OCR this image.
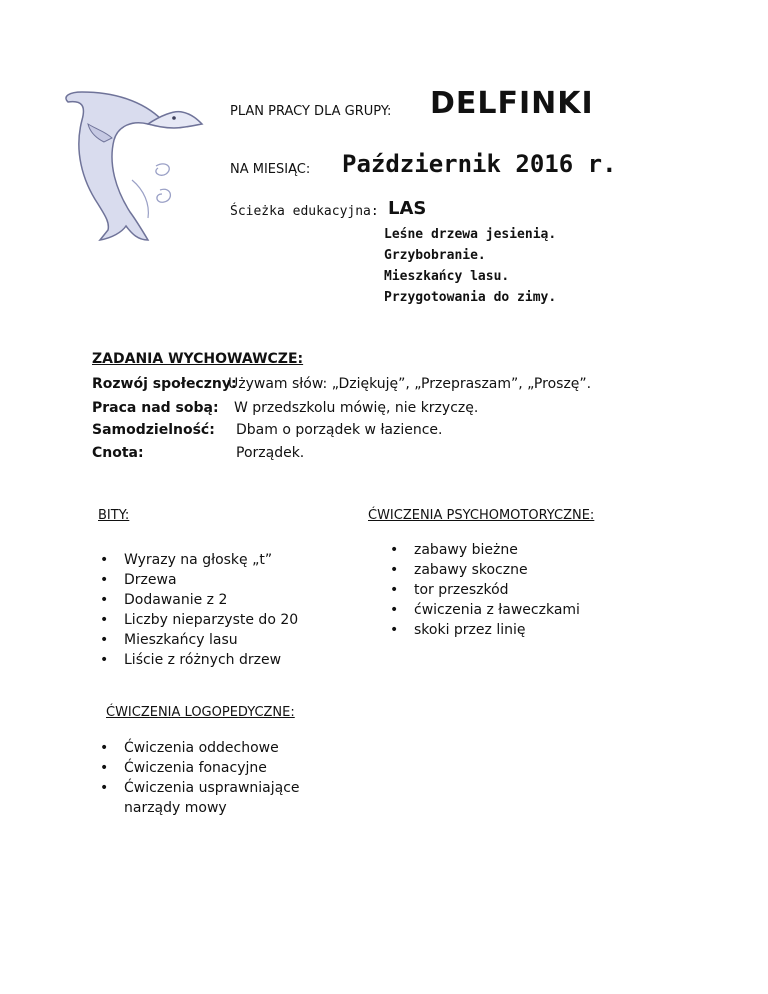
PLAN PRACY DLA GRUPY: DELFINKI
NA MIESIĄC: Październik 2016 r.
Ścieżka edukacyjna: LAS
Leśne drzewa jesienią.
Grzybobranie.
Mieszkańcy lasu.
Przygotowania do zimy.
ZADANIA WYCHOWAWCZE:
Rozwój społeczny:
Używam słów: „Dziękuję”, „Przepraszam”, „Proszę”.
Praca nad sobą: W przedszkolu mówię, nie krzyczę.
Samodzielność: Dbam o porządek w łazience.
Cnota:	Porządek.
BITY:
• Wyrazy na głoskę „t”
• Drzewa
• Dodawanie z 2
• Liczby nieparzyste do 20
• Mieszkańcy lasu
• Liście z różnych drzew
ĆWICZENIA PSYCHOMOTORYCZNE:
• zabawy bieżne
• zabawy skoczne
• tor przeszkód
• ćwiczenia z ławeczkami
• skoki przez linię
ĆWICZENIA LOGOPEDYCZNE:
• Ćwiczenia oddechowe
• Ćwiczenia fonacyjne
• Ćwiczenia usprawniające narządy mowy
